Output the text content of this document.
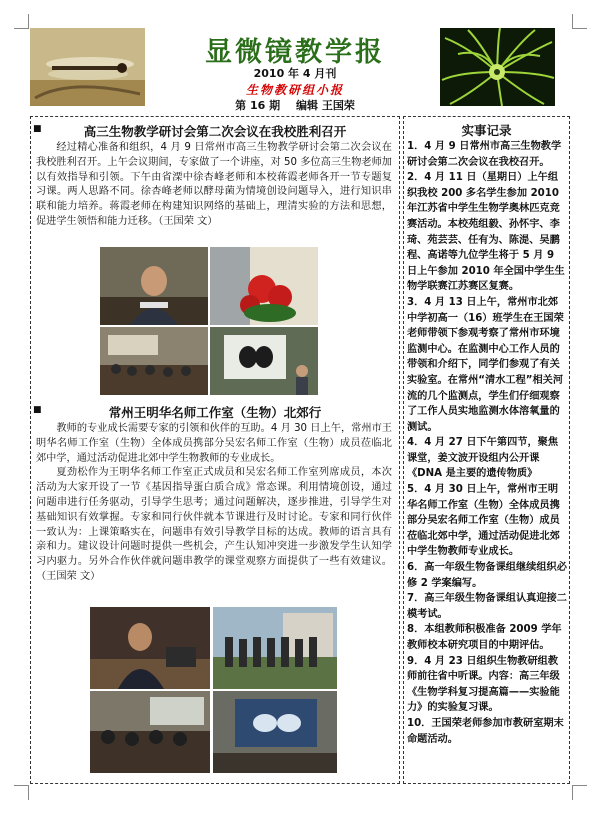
显微镜教学报
2010 年 4 月刊
生物教研组小报
第 16 期 编辑 王国荣
■	高三生物教学研讨会第二次会议在我校胜利召开

经过精心准备和组织，4 月 9 日常州市高三生物教学研讨会第二次会议在我校胜利召开。上午会议期间，专家做了一个讲座，对 50 多位高三生物老师加以有效指导和引领。下午由省溧中徐杏峰老师和本校蒋霞老师各开一节专题复习课。两人思路不同。徐杏峰老师以酵母菌为情境创设问题导入，进行知识串联和能力培养。蒋霞老师在构建知识网络的基础上，理清实验的方法和思想，促进学生领悟和能力迁移。（王国荣 文）

■	常州王明华名师工作室（生物）北郊行

教师的专业成长需要专家的引领和伙伴的互助。4 月 30 日上午，常州市王明华名师工作室（生物）全体成员携部分吴宏名师工作室（生物）成员莅临北郊中学，通过活动促进北郊中学生物教师的专业成长。

夏劲松作为王明华名师工作室正式成员和吴宏名师工作室列席成员，本次活动为大家开设了一节《基因指导蛋白质合成》常态课。利用情境创设，通过问题串进行任务驱动，引导学生思考；通过问题解决，逐步推进，引导学生对基础知识有效掌握。专家和同行伙伴就本节课进行及时讨论。专家和同行伙伴一致认为：上课策略实在，问题串有效引导教学目标的达成。教师的语言具有亲和力。建议设计问题时提供一些机会，产生认知冲突进一步激发学生认知学习内驱力。另外合作伙伴就问题串教学的课堂观察方面提供了一些有效建议。（王国荣 文）

实事记录

1．4 月 9 日常州市高三生物教学研讨会第二次会议在我校召开。

2．4 月 11 日（星期日）上午组织我校 200 多名学生参加 2010 年江苏省中学生生物学奥林匹克竞赛活动。本校苑组毅、孙怀宇、李琦、苑芸芸、任有为、陈湜、吴鹏程、高诺等九位学生将于 5 月 9 日上午参加 2010 年全国中学生生物学联赛江苏赛区复赛。

3．4 月 13 日上午，常州市北郊中学初高一（16）班学生在王国荣老师带领下参观考察了常州市环境监测中心。在监测中心工作人员的带领和介绍下，同学们参观了有关实验室。在常州“清水工程”相关河流的几个监测点，学生们仔细观察了工作人员实地监测水体溶氧量的测试。

4．4 月 27 日下午第四节，聚焦课堂，姜文波开设组内公开课《DNA 是主要的遗传物质》

5．4 月 30 日上午，常州市王明华名师工作室（生物）全体成员携部分吴宏名师工作室（生物）成员莅临北郊中学，通过活动促进北郊中学生物教师专业成长。

6．高一年级生物备课组继续组织必修 2 学案编写。

7．高三年级生物备课组认真迎接二模考试。

8．本组教师积极准备 2009 学年教师校本研究项目的中期评估。

9．4 月 23 日组织生物教研组教师前往省中听课。内容：高三年级《生物学科复习提高篇——实验能力》的实验复习课。

10．王国荣老师参加市教研室期末命题活动。
